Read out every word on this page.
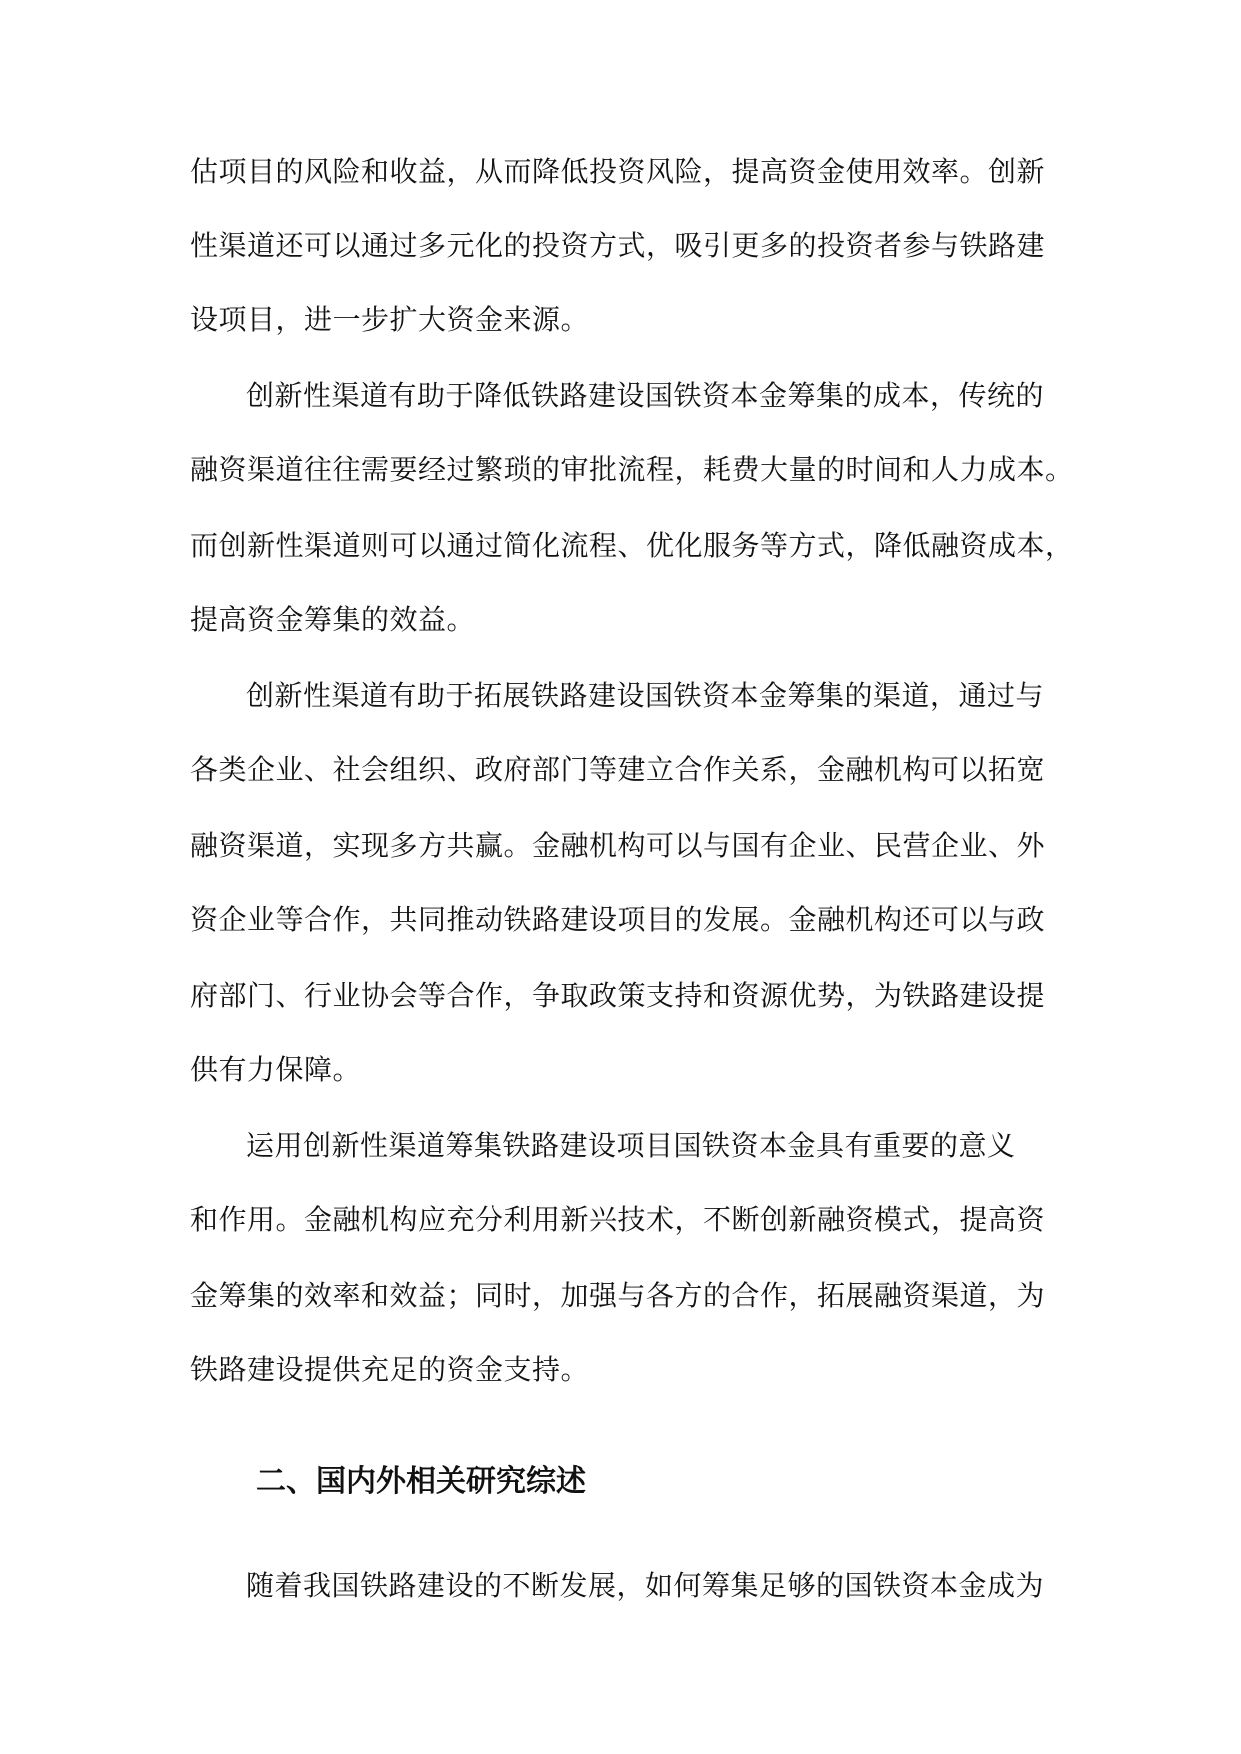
估项目的风险和收益，从而降低投资风险，提高资金使用效率。创新
性渠道还可以通过多元化的投资方式，吸引更多的投资者参与铁路建
设项目，进一步扩大资金来源。
创新性渠道有助于降低铁路建设国铁资本金筹集的成本，传统的
融资渠道往往需要经过繁琐的审批流程，耗费大量的时间和人力成本。
而创新性渠道则可以通过简化流程、优化服务等方式，降低融资成本，
提高资金筹集的效益。
创新性渠道有助于拓展铁路建设国铁资本金筹集的渠道，通过与
各类企业、社会组织、政府部门等建立合作关系，金融机构可以拓宽
融资渠道，实现多方共赢。金融机构可以与国有企业、民营企业、外
资企业等合作，共同推动铁路建设项目的发展。金融机构还可以与政
府部门、行业协会等合作，争取政策支持和资源优势，为铁路建设提
供有力保障。
运用创新性渠道筹集铁路建设项目国铁资本金具有重要的意义
和作用。金融机构应充分利用新兴技术，不断创新融资模式，提高资
金筹集的效率和效益；同时，加强与各方的合作，拓展融资渠道，为
铁路建设提供充足的资金支持。
二、国内外相关研究综述
随着我国铁路建设的不断发展，如何筹集足够的国铁资本金成为
